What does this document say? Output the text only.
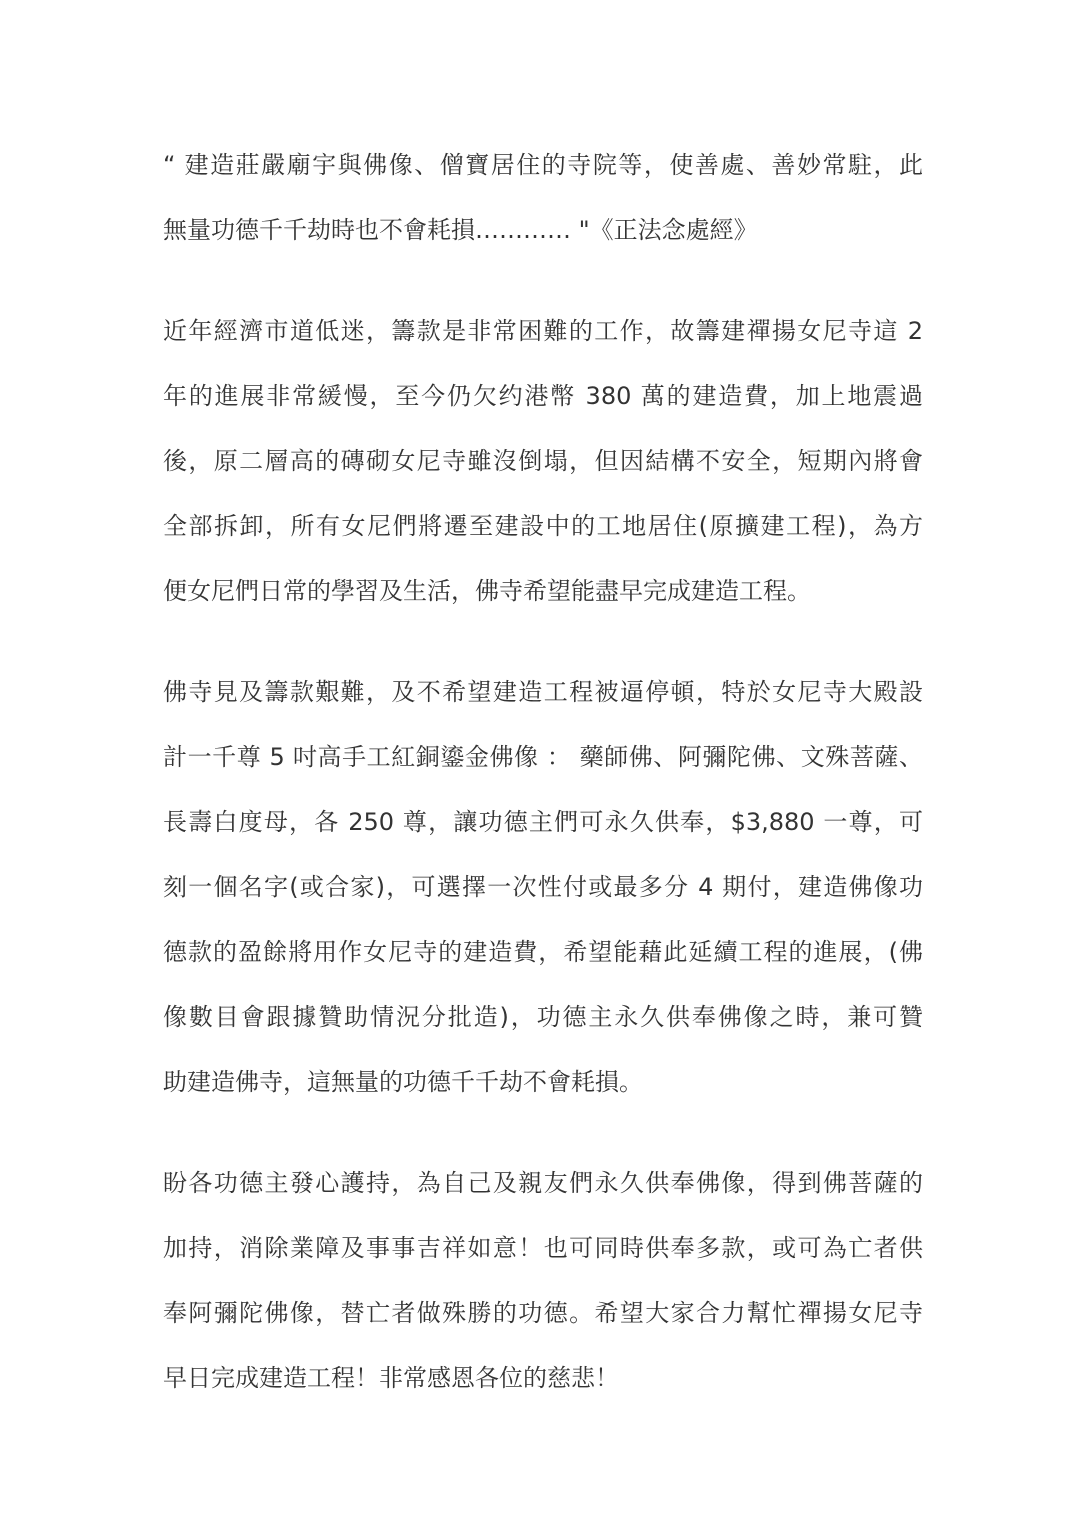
“ 建造莊嚴廟宇與佛像、僧寶居住的寺院等，使善處、善妙常駐，此
無量功德千千劫時也不會耗損………… "《正法念處經》

近年經濟市道低迷，籌款是非常困難的工作，故籌建禪揚女尼寺這 2
年的進展非常緩慢，至今仍欠约港幣 380 萬的建造費，加上地震過
後，原二層高的磚砌女尼寺雖沒倒塌，但因結構不安全，短期內將會
全部拆卸，所有女尼們將遷至建設中的工地居住(原擴建工程)，為方
便女尼們日常的學習及生活，佛寺希望能盡早完成建造工程。

佛寺見及籌款艱難，及不希望建造工程被逼停頓，特於女尼寺大殿設
計一千尊 5 吋高手工紅銅鎏金佛像 ： 藥師佛、阿彌陀佛、文殊菩薩、
長壽白度母，各 250 尊，讓功德主們可永久供奉，$3,880 一尊，可
刻一個名字(或合家)，可選擇一次性付或最多分 4 期付，建造佛像功
德款的盈餘將用作女尼寺的建造費，希望能藉此延續工程的進展，(佛
像數目會跟據贊助情況分批造)，功德主永久供奉佛像之時，兼可贊
助建造佛寺，這無量的功德千千劫不會耗損。

盼各功德主發心護持，為自己及親友們永久供奉佛像，得到佛菩薩的
加持，消除業障及事事吉祥如意！也可同時供奉多款，或可為亡者供
奉阿彌陀佛像，替亡者做殊勝的功德。希望大家合力幫忙禪揚女尼寺
早日完成建造工程！非常感恩各位的慈悲！
